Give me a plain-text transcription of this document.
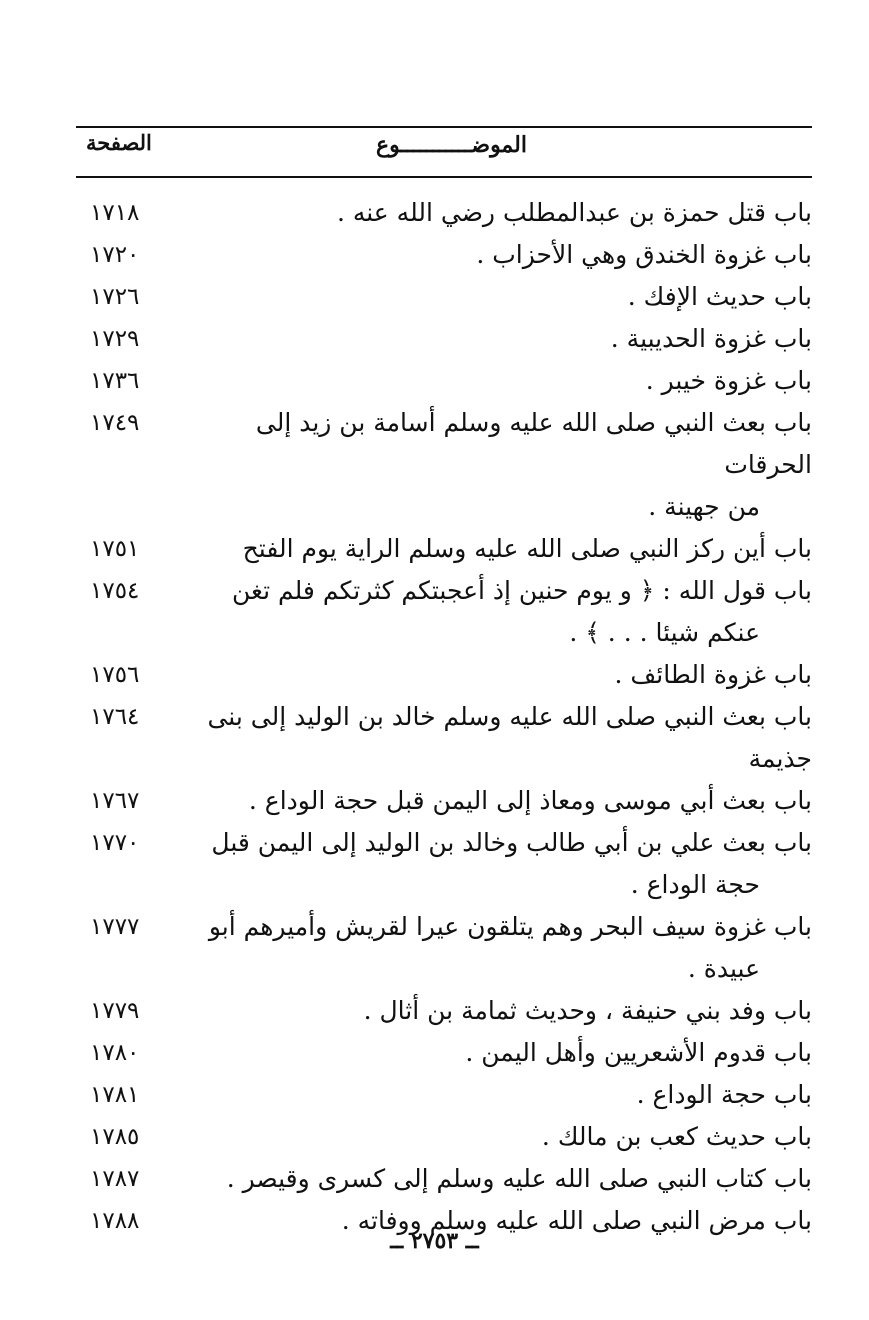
الصفحة	الموضـــــــــــوع
١٧١٨	باب قتل حمزة بن عبدالمطلب رضي الله عنه .
١٧٢٠	باب غزوة الخندق وهي الأحزاب .
١٧٢٦	باب حديث الإفك .
١٧٢٩	باب غزوة الحديبية .
١٧٣٦	باب غزوة خيبر .
١٧٤٩	باب بعث النبي صلى الله عليه وسلم أسامة بن زيد إلى الحرقات
من جهينة .
١٧٥١	باب أين ركز النبي صلى الله عليه وسلم الراية يوم الفتح
١٧٥٤	باب قول الله : ﴿ و يوم حنين إذ أعجبتكم كثرتكم فلم تغن
عنكم شيئا . . . ﴾ .
١٧٥٦	باب غزوة الطائف .
١٧٦٤	باب بعث النبي صلى الله عليه وسلم خالد بن الوليد إلى بنى جذيمة
١٧٦٧	باب بعث أبي موسى ومعاذ إلى اليمن قبل حجة الوداع .
١٧٧٠	باب بعث علي بن أبي طالب وخالد بن الوليد إلى اليمن قبل
حجة الوداع .
١٧٧٧	باب غزوة سيف البحر وهم يتلقون عيرا لقريش وأميرهم أبو
عبيدة .
١٧٧٩	باب وفد بني حنيفة ، وحديث ثمامة بن أثال .
١٧٨٠	باب قدوم الأشعريين وأهل اليمن .
١٧٨١	باب حجة الوداع .
١٧٨٥	باب حديث كعب بن مالك .
١٧٨٧	باب كتاب النبي صلى الله عليه وسلم إلى كسرى وقيصر .
١٧٨٨	باب مرض النبي صلى الله عليه وسلم ووفاته .
ــ ٢٧٥٣ ــ
